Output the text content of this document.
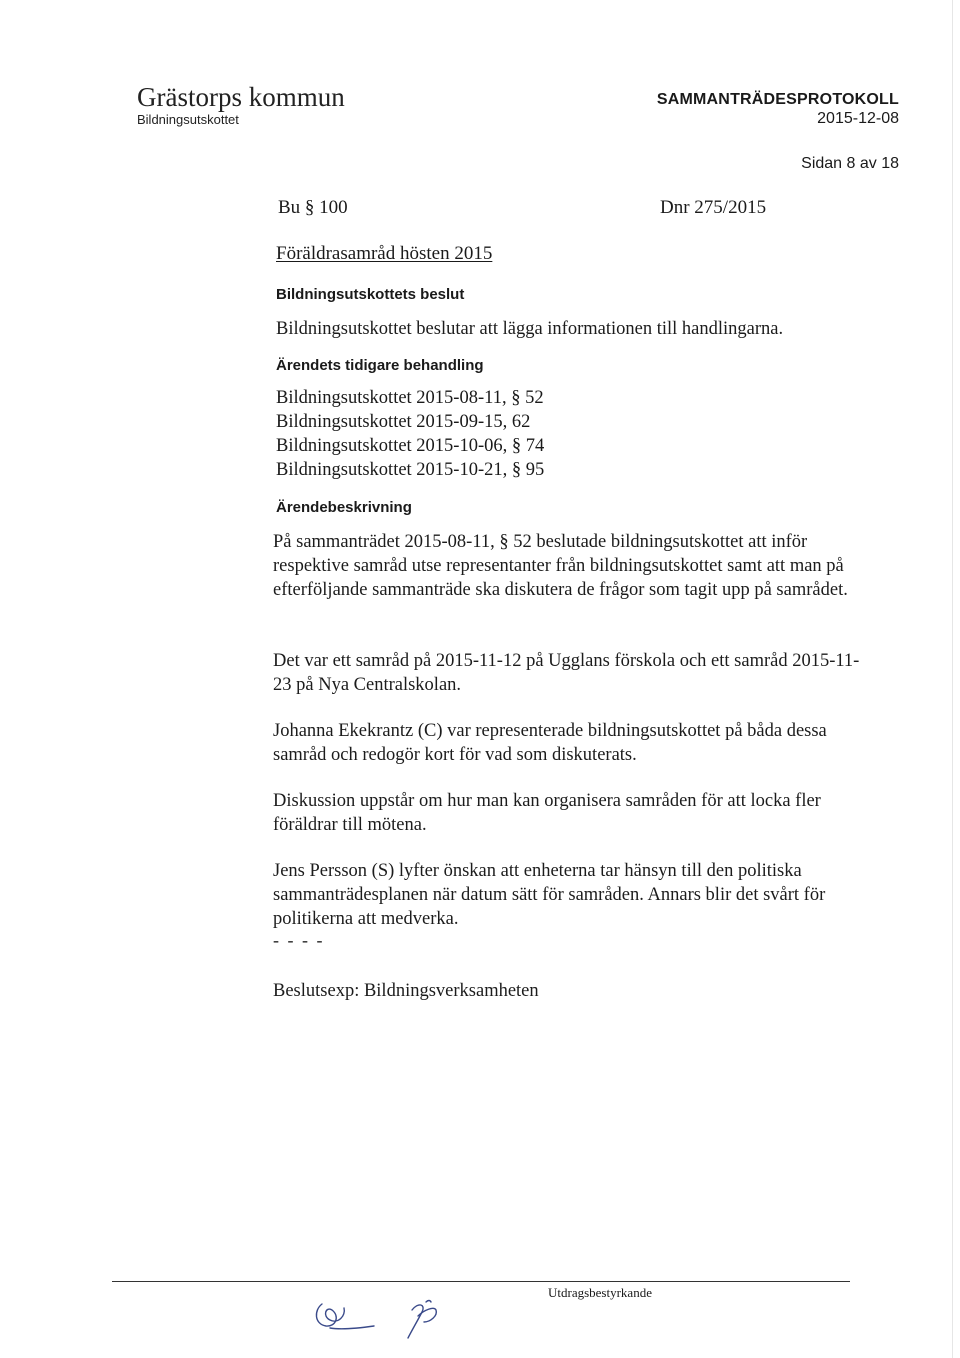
Grästorps kommun
Bildningsutskottet
SAMMANTRÄDESPROTOKOLL
2015-12-08
Sidan 8 av 18
Bu § 100	Dnr 275/2015
Föräldrasamråd hösten 2015
Bildningsutskottets beslut
Bildningsutskottet beslutar att lägga informationen till handlingarna.
Ärendets tidigare behandling
Bildningsutskottet 2015-08-11, § 52
Bildningsutskottet 2015-09-15, 62
Bildningsutskottet 2015-10-06, § 74
Bildningsutskottet 2015-10-21, § 95
Ärendebeskrivning
På sammanträdet 2015-08-11, § 52 beslutade bildningsutskottet att inför respektive samråd utse representanter från bildningsutskottet samt att man på efterföljande sammanträde ska diskutera de frågor som tagit upp på samrådet.
Det var ett samråd på 2015-11-12 på Ugglans förskola och ett samråd 2015-11-23 på Nya Centralskolan.
Johanna Ekekrantz (C) var representerade bildningsutskottet på båda dessa samråd och redogör kort för vad som diskuterats.
Diskussion uppstår om hur man kan organisera samråden för att locka fler föräldrar till mötena.
Jens Persson (S) lyfter önskan att enheterna tar hänsyn till den politiska sammanträdesplanen när datum sätt för samråden. Annars blir det svårt för politikerna att medverka.
- - - -
Beslutsexp: Bildningsverksamheten
Utdragsbestyrkande
